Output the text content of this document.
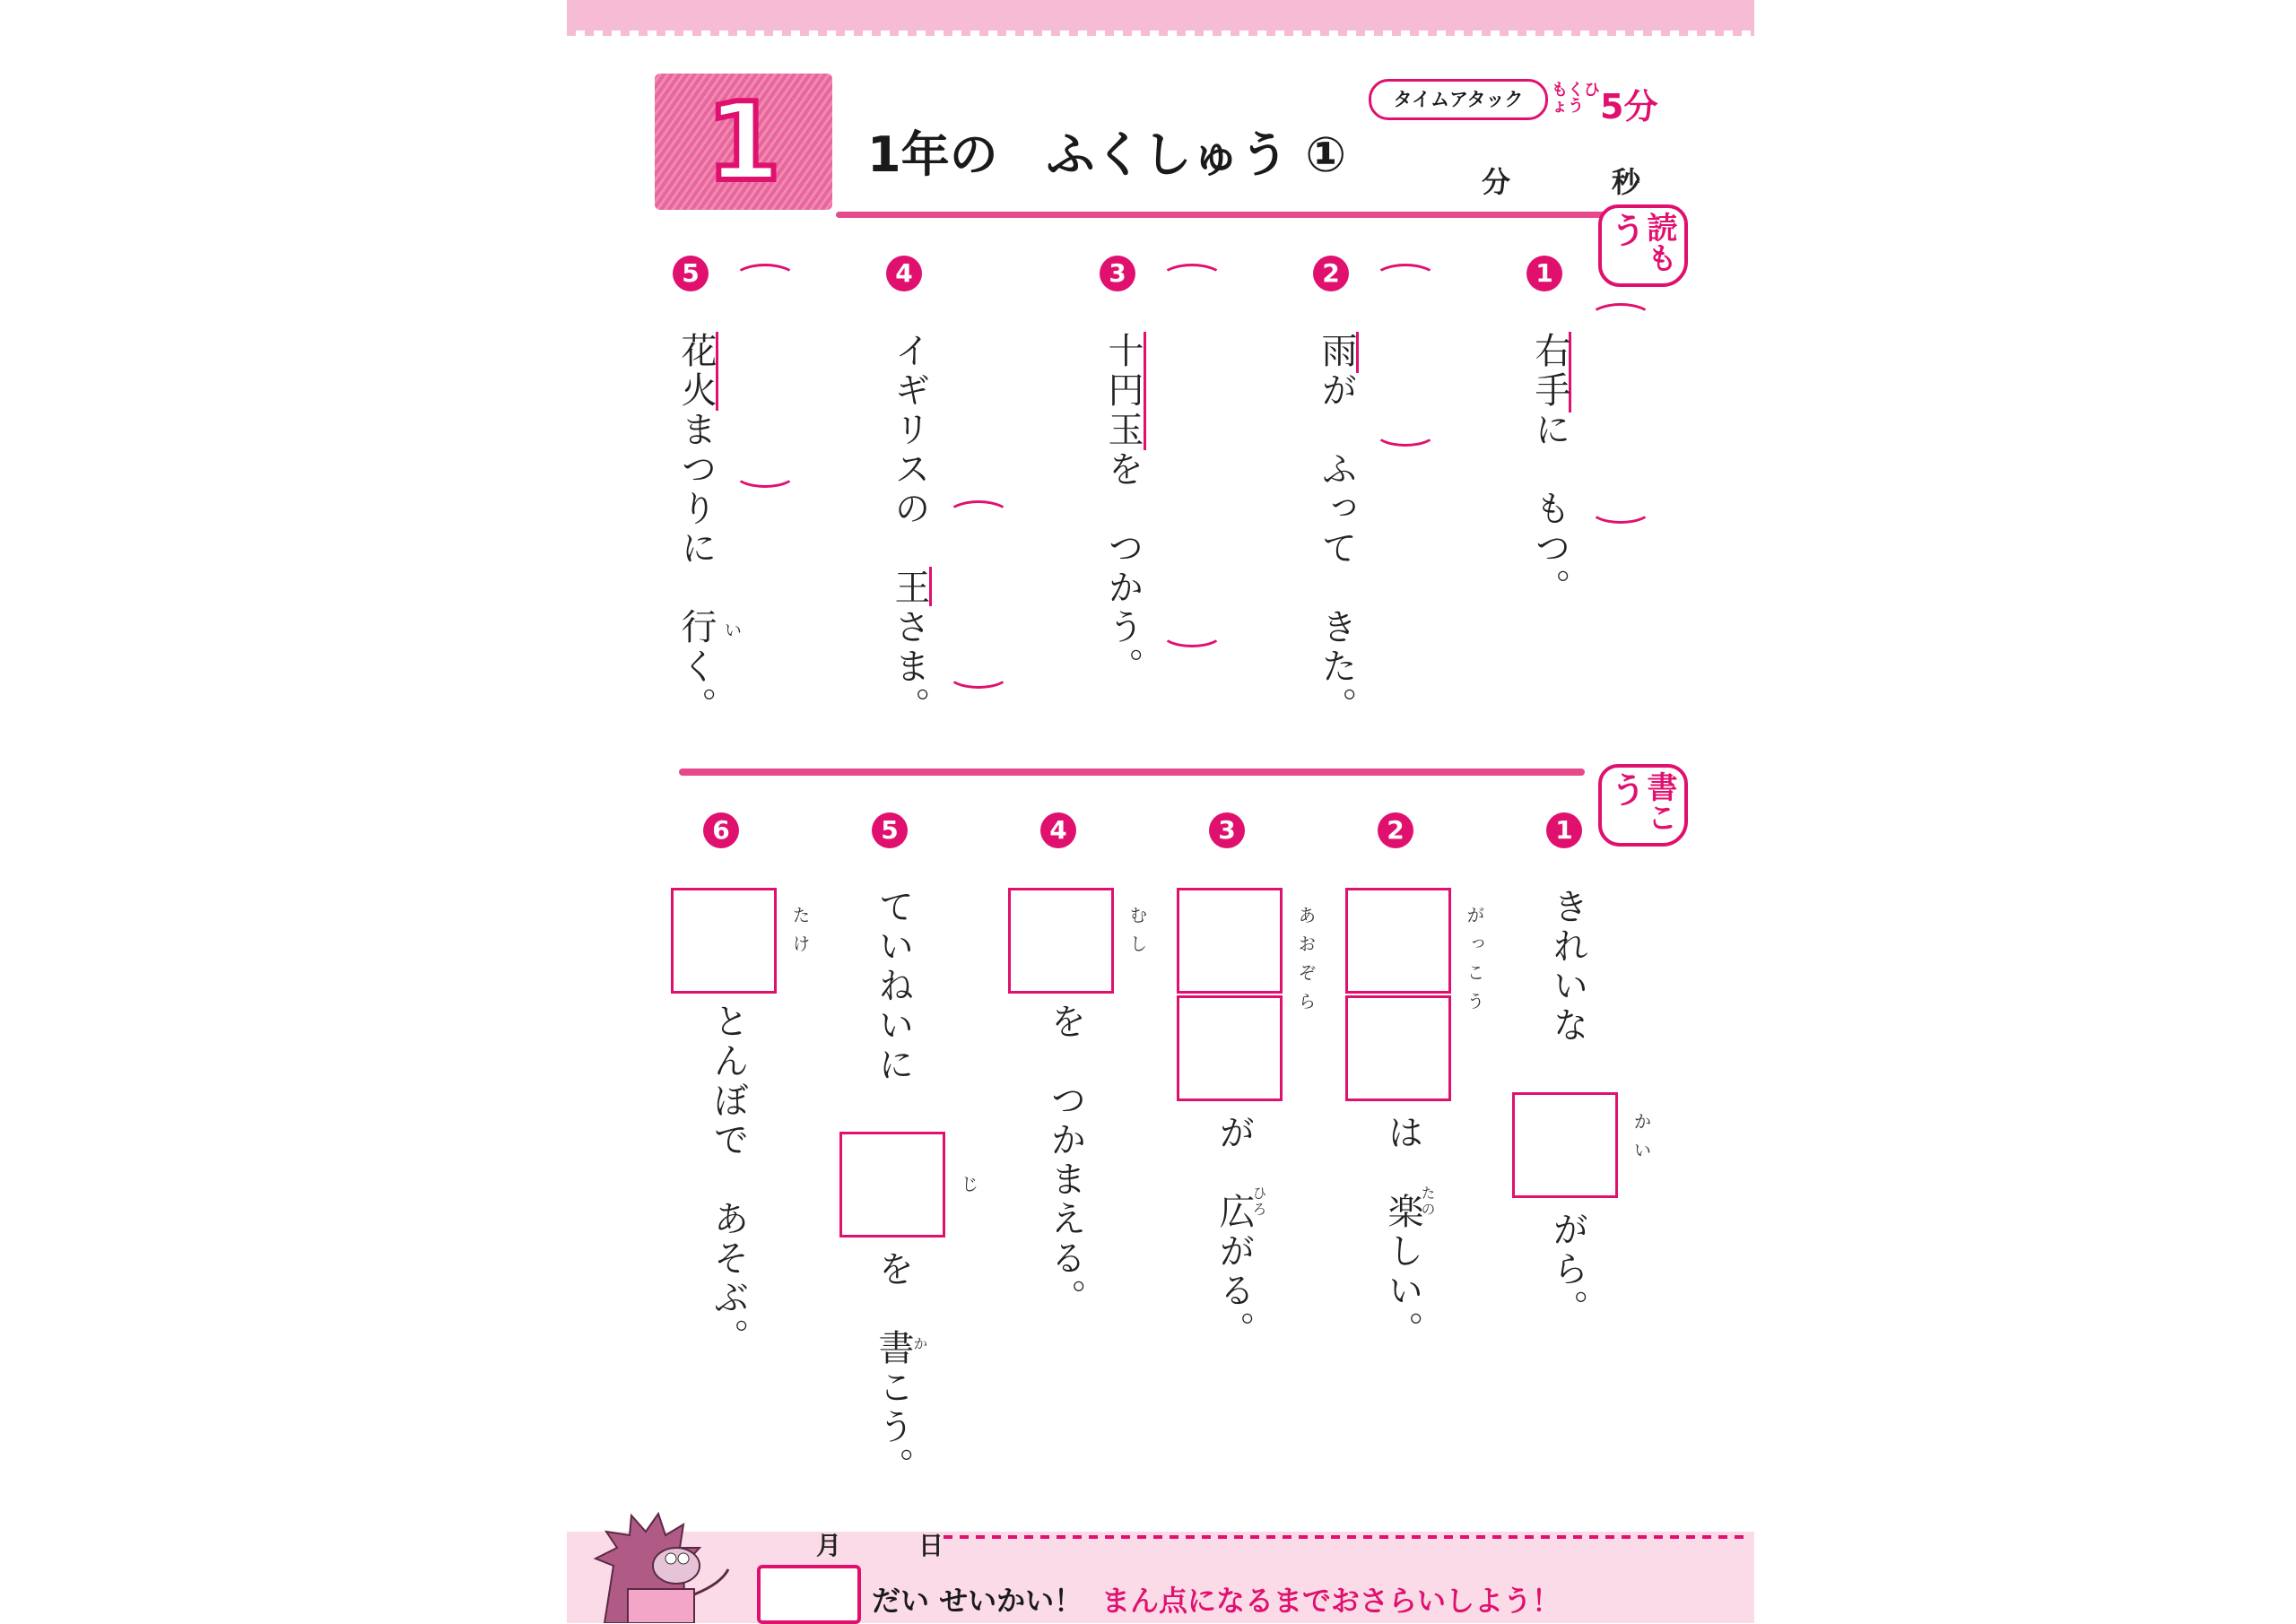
1	1年の　ふくしゅう ①
タイムアタック	もくひょう 5分
分	秒
う
読も
1
右手に　もつ。
2
雨が　ふって　きた。
3
十円玉を　つかう。
4
イギリスの　王さま。
5
花火まつりに　行く。 い
う
書こ
1
きれいな
かい
がら。
2
がっこう
は　楽しい。
たの
3
あおぞら
が　広がる。
ひろ
4
むし
を　つかまえる。
5
ていねいに
じ
を　書こう。
か
6
たけ
とんぼで　あそぶ。
月	日
だい せいかい！ まん点になるまでおさらいしよう！
